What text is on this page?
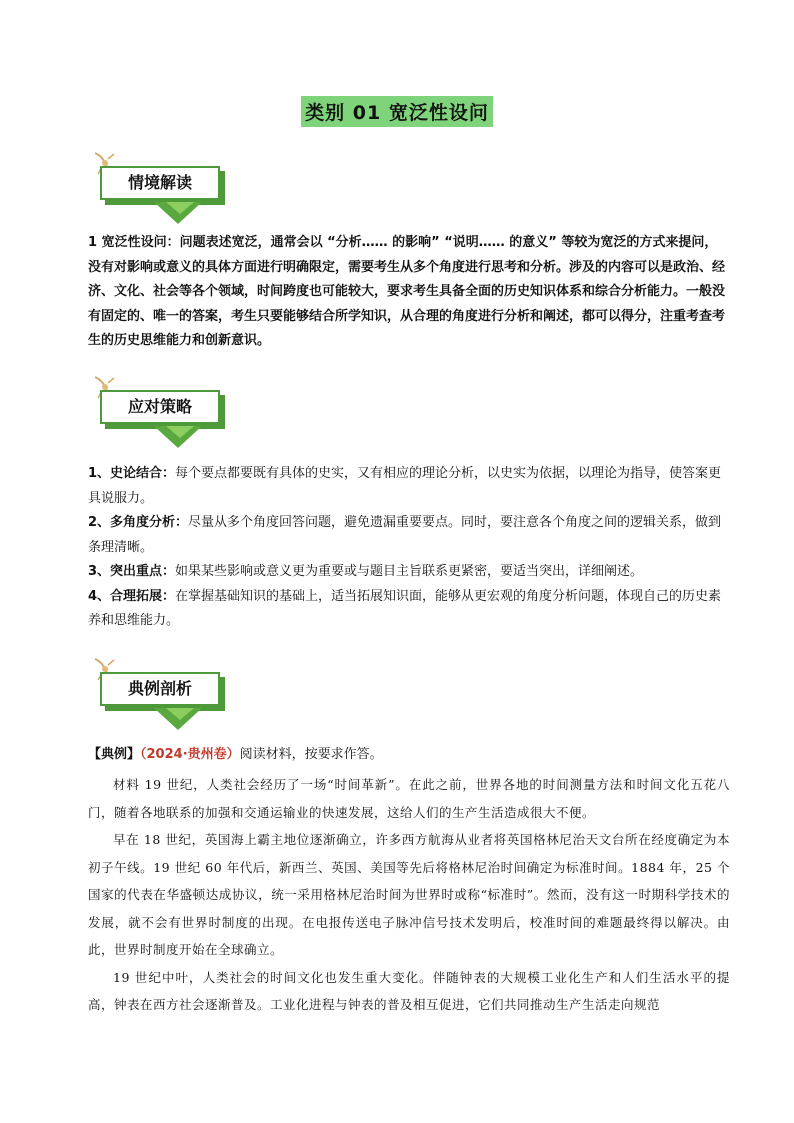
类别 01 宽泛性设问
情境解读

1 宽泛性设问：问题表述宽泛，通常会以 “分析…… 的影响” “说明…… 的意义” 等较为宽泛的方式来提问，没有对影响或意义的具体方面进行明确限定，需要考生从多个角度进行思考和分析。涉及的内容可以是政治、经济、文化、社会等各个领域，时间跨度也可能较大，要求考生具备全面的历史知识体系和综合分析能力。一般没有固定的、唯一的答案，考生只要能够结合所学知识，从合理的角度进行分析和阐述，都可以得分，注重考查考生的历史思维能力和创新意识。

应对策略

1、史论结合：每个要点都要既有具体的史实，又有相应的理论分析，以史实为依据，以理论为指导，使答案更具说服力。

2、多角度分析：尽量从多个角度回答问题，避免遗漏重要要点。同时，要注意各个角度之间的逻辑关系，做到条理清晰。

3、突出重点：如果某些影响或意义更为重要或与题目主旨联系更紧密，要适当突出，详细阐述。

4、合理拓展：在掌握基础知识的基础上，适当拓展知识面，能够从更宏观的角度分析问题，体现自己的历史素养和思维能力。

典例剖析

【典例】（2024·贵州卷）阅读材料，按要求作答。

材料 19 世纪，人类社会经历了一场“时间革新”。在此之前，世界各地的时间测量方法和时间文化五花八门，随着各地联系的加强和交通运输业的快速发展，这给人们的生产生活造成很大不便。

早在 18 世纪，英国海上霸主地位逐渐确立，许多西方航海从业者将英国格林尼治天文台所在经度确定为本初子午线。19 世纪 60 年代后，新西兰、英国、美国等先后将格林尼治时间确定为标准时间。1884 年，25 个国家的代表在华盛顿达成协议，统一采用格林尼治时间为世界时或称“标准时”。然而，没有这一时期科学技术的发展，就不会有世界时制度的出现。在电报传送电子脉冲信号技术发明后，校准时间的难题最终得以解决。由此，世界时制度开始在全球确立。

19 世纪中叶，人类社会的时间文化也发生重大变化。伴随钟表的大规模工业化生产和人们生活水平的提高，钟表在西方社会逐渐普及。工业化进程与钟表的普及相互促进，它们共同推动生产生活走向规范
